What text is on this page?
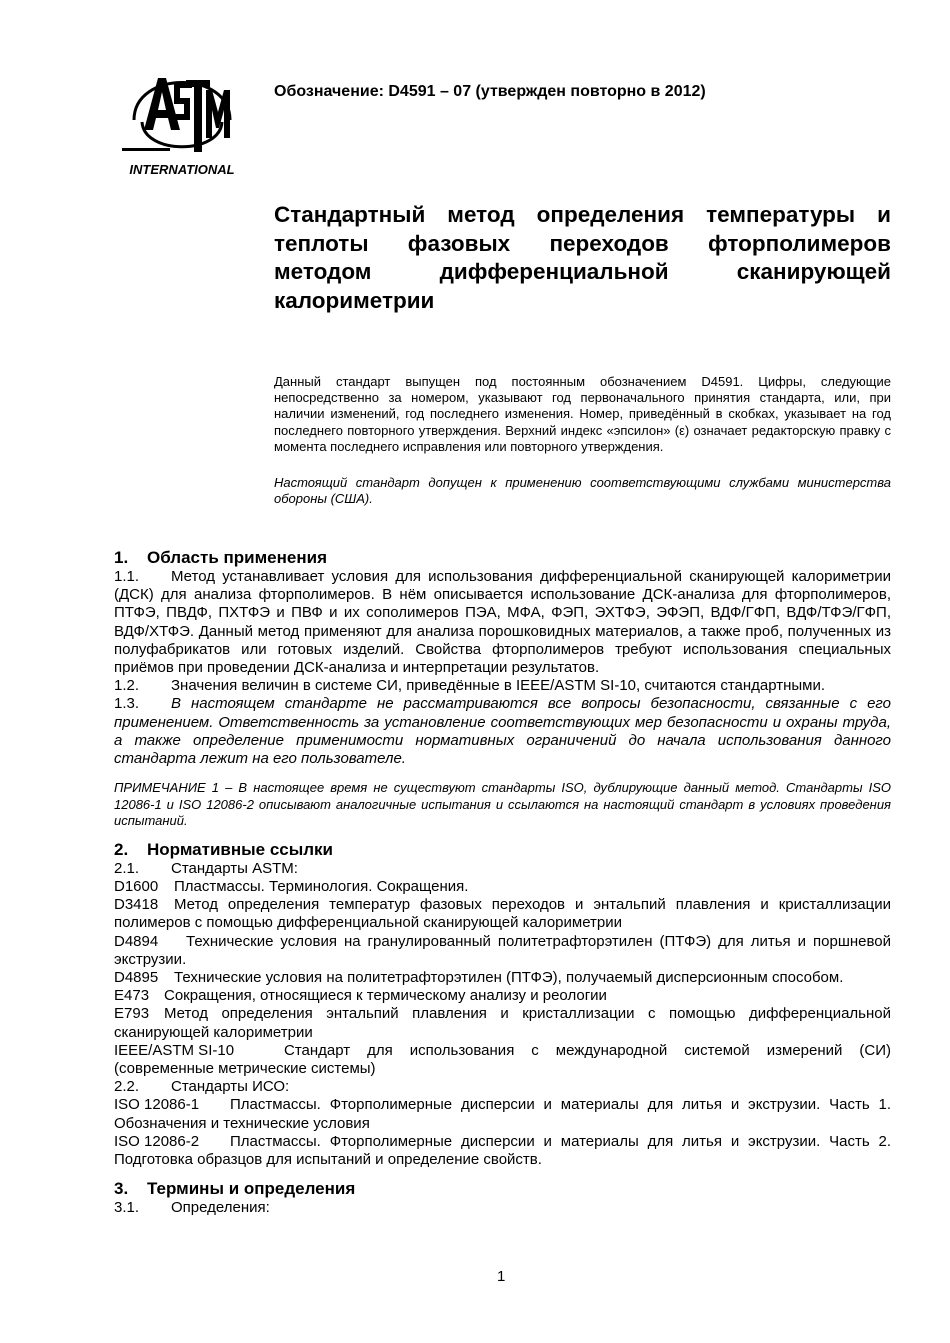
INTERNATIONAL
Обозначение: D4591 – 07 (утвержден повторно в 2012)
Стандартный метод определения температуры и теплоты фазовых переходов фторполимеров методом дифференциальной сканирующей калориметрии
Данный стандарт выпущен под постоянным обозначением D4591. Цифры, следующие непосредственно за номером, указывают год первоначального принятия стандарта, или, при наличии изменений, год последнего изменения. Номер, приведённый в скобках, указывает на год последнего повторного утверждения. Верхний индекс «эпсилон» (ε) означает редакторскую правку с момента последнего исправления или повторного утверждения.
Настоящий стандарт допущен к применению соответствующими службами министерства обороны (США).
1. Область применения

1.1. Метод устанавливает условия для использования дифференциальной сканирующей калориметрии (ДСК) для анализа фторполимеров. В нём описывается использование ДСК-анализа для фторполимеров, ПТФЭ, ПВДФ, ПХТФЭ и ПВФ и их сополимеров ПЭА, МФА, ФЭП, ЭХТФЭ, ЭФЭП, ВДФ/ГФП, ВДФ/ТФЭ/ГФП, ВДФ/ХТФЭ. Данный метод применяют для анализа порошковидных материалов, а также проб, полученных из полуфабрикатов или готовых изделий. Свойства фторполимеров требуют использования специальных приёмов при проведении ДСК-анализа и интерпретации результатов.

1.2. Значения величин в системе СИ, приведённые в IEEE/ASTM SI-10, считаются стандартными.

1.3. В настоящем стандарте не рассматриваются все вопросы безопасности, связанные с его применением. Ответственность за установление соответствующих мер безопасности и охраны труда, а также определение применимости нормативных ограничений до начала использования данного стандарта лежит на его пользователе.

ПРИМЕЧАНИЕ 1 – В настоящее время не существуют стандарты ISO, дублирующие данный метод. Стандарты ISO 12086-1 и ISO 12086-2 описывают аналогичные испытания и ссылаются на настоящий стандарт в условиях проведения испытаний.

2. Нормативные ссылки

2.1. Стандарты ASTM:

D1600 Пластмассы. Терминология. Сокращения.

D3418 Метод определения температур фазовых переходов и энтальпий плавления и кристаллизации полимеров с помощью дифференциальной сканирующей калориметрии

D4894 Технические условия на гранулированный политетрафторэтилен (ПТФЭ) для литья и поршневой экструзии.

D4895 Технические условия на политетрафторэтилен (ПТФЭ), получаемый дисперсионным способом.

E473 Сокращения, относящиеся к термическому анализу и реологии

E793 Метод определения энтальпий плавления и кристаллизации с помощью дифференциальной сканирующей калориметрии

IEEE/ASTM SI-10	Стандарт для использования с международной системой измерений (СИ) (современные метрические системы)

2.2. Стандарты ИСО:

ISO 12086-1 Пластмассы. Фторполимерные дисперсии и материалы для литья и экструзии. Часть 1. Обозначения и технические условия

ISO 12086-2 Пластмассы. Фторполимерные дисперсии и материалы для литья и экструзии. Часть 2. Подготовка образцов для испытаний и определение свойств.

3. Термины и определения

3.1. Определения:

1
